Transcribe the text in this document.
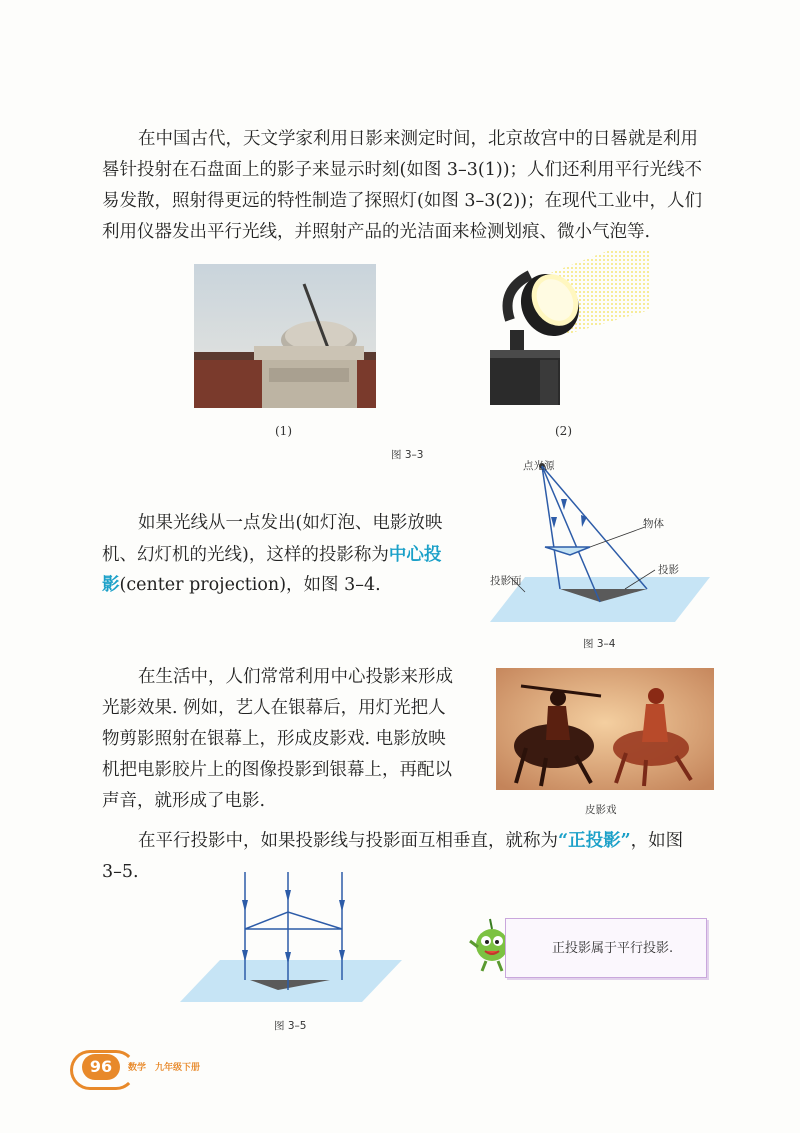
在中国古代，天文学家利用日影来测定时间，北京故宫中的日晷就是利用

晷针投射在石盘面上的影子来显示时刻(如图 3–3(1))；人们还利用平行光线不

易发散，照射得更远的特性制造了探照灯(如图 3–3(2))；在现代工业中，人们

利用仪器发出平行光线，并照射产品的光洁面来检测划痕、微小气泡等.

(1)	(2)
图 3–3

如果光线从一点发出(如灯泡、电影放映

机、幻灯机的光线)，这样的投影称为中心投

影(center projection)，如图 3–4.

点光源
物体
投影
投影面
图 3–4

在生活中，人们常常利用中心投影来形成

光影效果. 例如，艺人在银幕后，用灯光把人

物剪影照射在银幕上，形成皮影戏. 电影放映

机把电影胶片上的图像投影到银幕上，再配以

声音，就形成了电影.	皮影戏

在平行投影中，如果投影线与投影面互相垂直，就称为“正投影”，如图

3–5.

图 3–5
正投影属于平行投影.
96	数学　九年级下册
